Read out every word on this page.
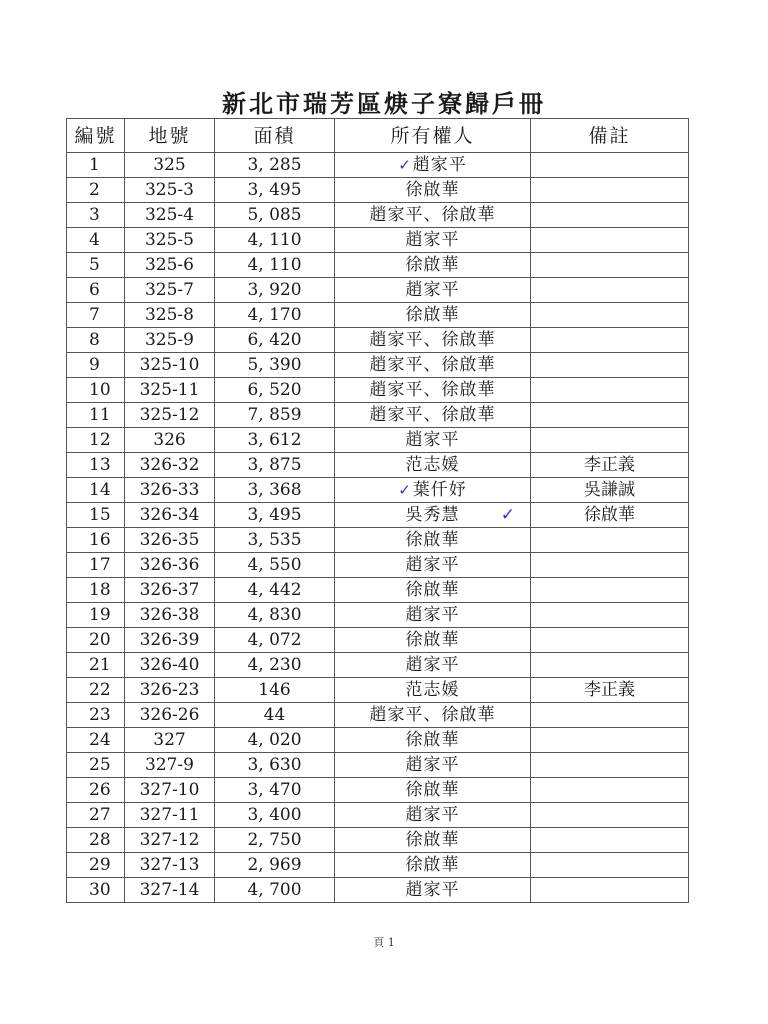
新北市瑞芳區焿子寮歸戶冊
編號	地號	面積	所有權人	備註
1	325	3, 285	✓趙家平	
2	325-3	3, 495	徐啟華	
3	325-4	5, 085	趙家平、徐啟華	
4	325-5	4, 110	趙家平	
5	325-6	4, 110	徐啟華	
6	325-7	3, 920	趙家平	
7	325-8	4, 170	徐啟華	
8	325-9	6, 420	趙家平、徐啟華	
9	325-10	5, 390	趙家平、徐啟華	
10	325-11	6, 520	趙家平、徐啟華	
11	325-12	7, 859	趙家平、徐啟華	
12	326	3, 612	趙家平	
13	326-32	3, 875	范志媛	李正義
14	326-33	3, 368	✓葉仟妤	吳謙誠
15	326-34	3, 495	吳秀慧 ✓	徐啟華
16	326-35	3, 535	徐啟華	
17	326-36	4, 550	趙家平	
18	326-37	4, 442	徐啟華	
19	326-38	4, 830	趙家平	
20	326-39	4, 072	徐啟華	
21	326-40	4, 230	趙家平	
22	326-23	146	范志媛	李正義
23	326-26	44	趙家平、徐啟華	
24	327	4, 020	徐啟華	
25	327-9	3, 630	趙家平	
26	327-10	3, 470	徐啟華	
27	327-11	3, 400	趙家平	
28	327-12	2, 750	徐啟華	
29	327-13	2, 969	徐啟華	
30	327-14	4, 700	趙家平	
頁 1
